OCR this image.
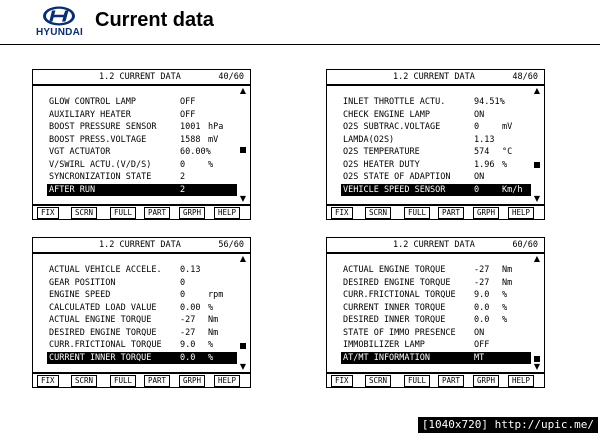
HYUNDAI
Current data
1.2 CURRENT DATA	40/60
GLOW CONTROL LAMP	OFF
AUXILIARY HEATER	OFF
BOOST PRESSURE SENSOR	1001 hPa
BOOST PRESS.VOLTAGE	1588 mV
VGT ACTUATOR	60.00%
V/SWIRL ACTU.(V/D/S)	0	%
SYNCRONIZATION STATE	2
AFTER RUN	2
▲
▼
FIX	SCRN	FULL	PART	GRPH	HELP
1.2 CURRENT DATA	48/60
INLET THROTTLE ACTU.	94.51%
CHECK ENGINE LAMP	ON
O2S SUBTRAC.VOLTAGE	0	mV
LAMDA(O2S)	1.13
O2S TEMPERATURE	574 °C
O2S HEATER DUTY	1.96 %
O2S STATE OF ADAPTION	ON
VEHICLE SPEED SENSOR	0	Km/h
▲
▼
FIX	SCRN	FULL	PART	GRPH	HELP
1.2 CURRENT DATA	56/60
ACTUAL VEHICLE ACCELE. 0.13
GEAR POSITION	0
ENGINE SPEED	0	rpm
CALCULATED LOAD VALUE	0.00 %
ACTUAL ENGINE TORQUE	-27 Nm
DESIRED ENGINE TORQUE	-27 Nm
CURR.FRICTIONAL TORQUE 9.0 %
CURRENT INNER TORQUE	0.0 %
▲
▼
FIX	SCRN	FULL	PART	GRPH	HELP
1.2 CURRENT DATA	60/60
ACTUAL ENGINE TORQUE	-27 Nm
DESIRED ENGINE TORQUE	-27 Nm
CURR.FRICTIONAL TORQUE 9.0 %
CURRENT INNER TORQUE	0.0 %
DESIRED INNER TORQUE	0.0 %
STATE OF IMMO PRESENCE ON
IMMOBILIZER LAMP	OFF
AT/MT INFORMATION	MT
▲
▼
FIX	SCRN	FULL	PART	GRPH	HELP
[1040x720] http://upic.me/
